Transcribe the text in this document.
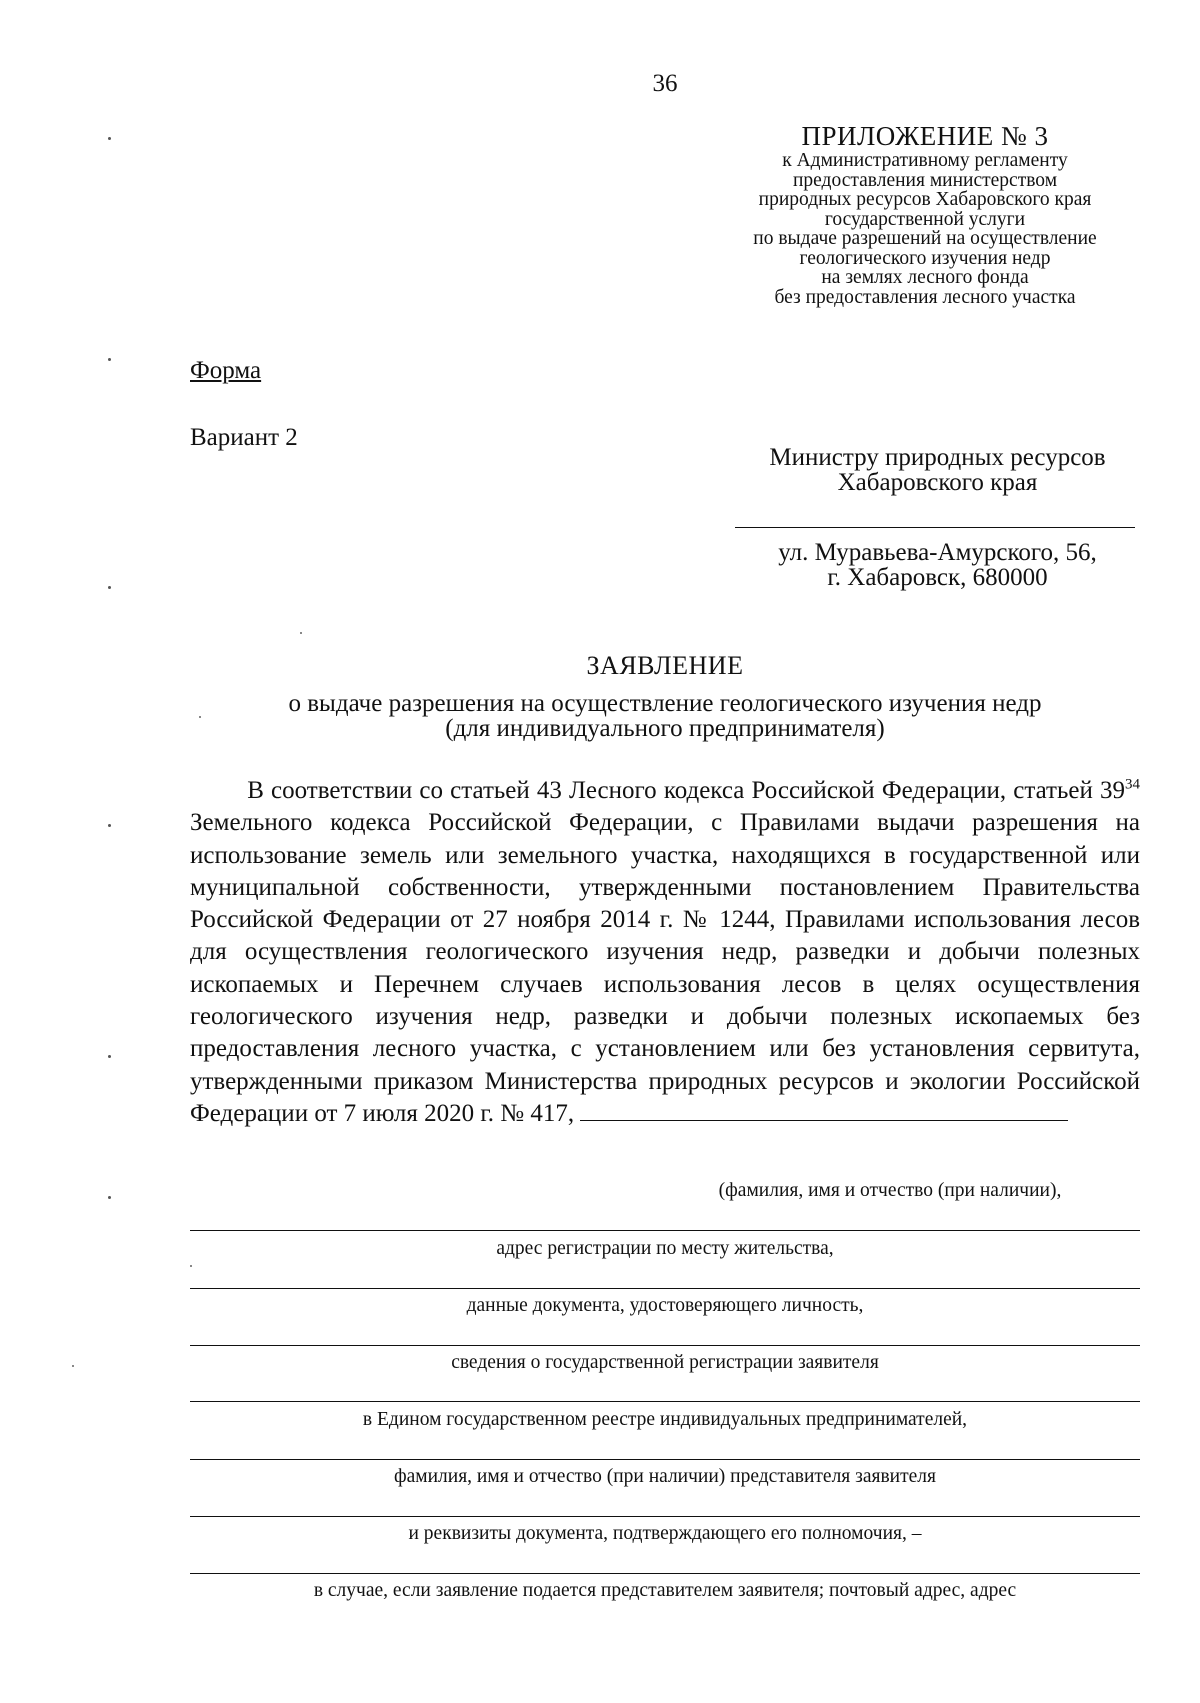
36
ПРИЛОЖЕНИЕ № 3
к Административному регламенту
предоставления министерством
природных ресурсов Хабаровского края
государственной услуги
по выдаче разрешений на осуществление
геологического изучения недр
на землях лесного фонда
без предоставления лесного участка
Форма
Вариант 2
Министру природных ресурсов
Хабаровского края
ул. Муравьева-Амурского, 56,
г. Хабаровск, 680000
ЗАЯВЛЕНИЕ
о выдаче разрешения на осуществление геологического изучения недр
(для индивидуального предпринимателя)
В соответствии со статьей 43 Лесного кодекса Российской Федерации, статьей $39^{34}$ Земельного кодекса Российской Федерации, с Правилами выдачи разрешения на использование земель или земельного участка, находящихся в государственной или муниципальной собственности, утвержденными постановлением Правительства Российской Федерации от 27 ноября 2014 г. № 1244, Правилами использования лесов для осуществления геологического изучения недр, разведки и добычи полезных ископаемых и Перечнем случаев использования лесов в целях осуществления геологического изучения недр, разведки и добычи полезных ископаемых без предоставления лесного участка, с установлением или без установления сервитута, утвержденными приказом Министерства природных ресурсов и экологии Российской Федерации от 7 июля 2020 г. № 417,
(фамилия, имя и отчество (при наличии),
адрес регистрации по месту жительства,
данные документа, удостоверяющего личность,
сведения о государственной регистрации заявителя
в Едином государственном реестре индивидуальных предпринимателей,
фамилия, имя и отчество (при наличии) представителя заявителя
и реквизиты документа, подтверждающего его полномочия, –
в случае, если заявление подается представителем заявителя; почтовый адрес, адрес
